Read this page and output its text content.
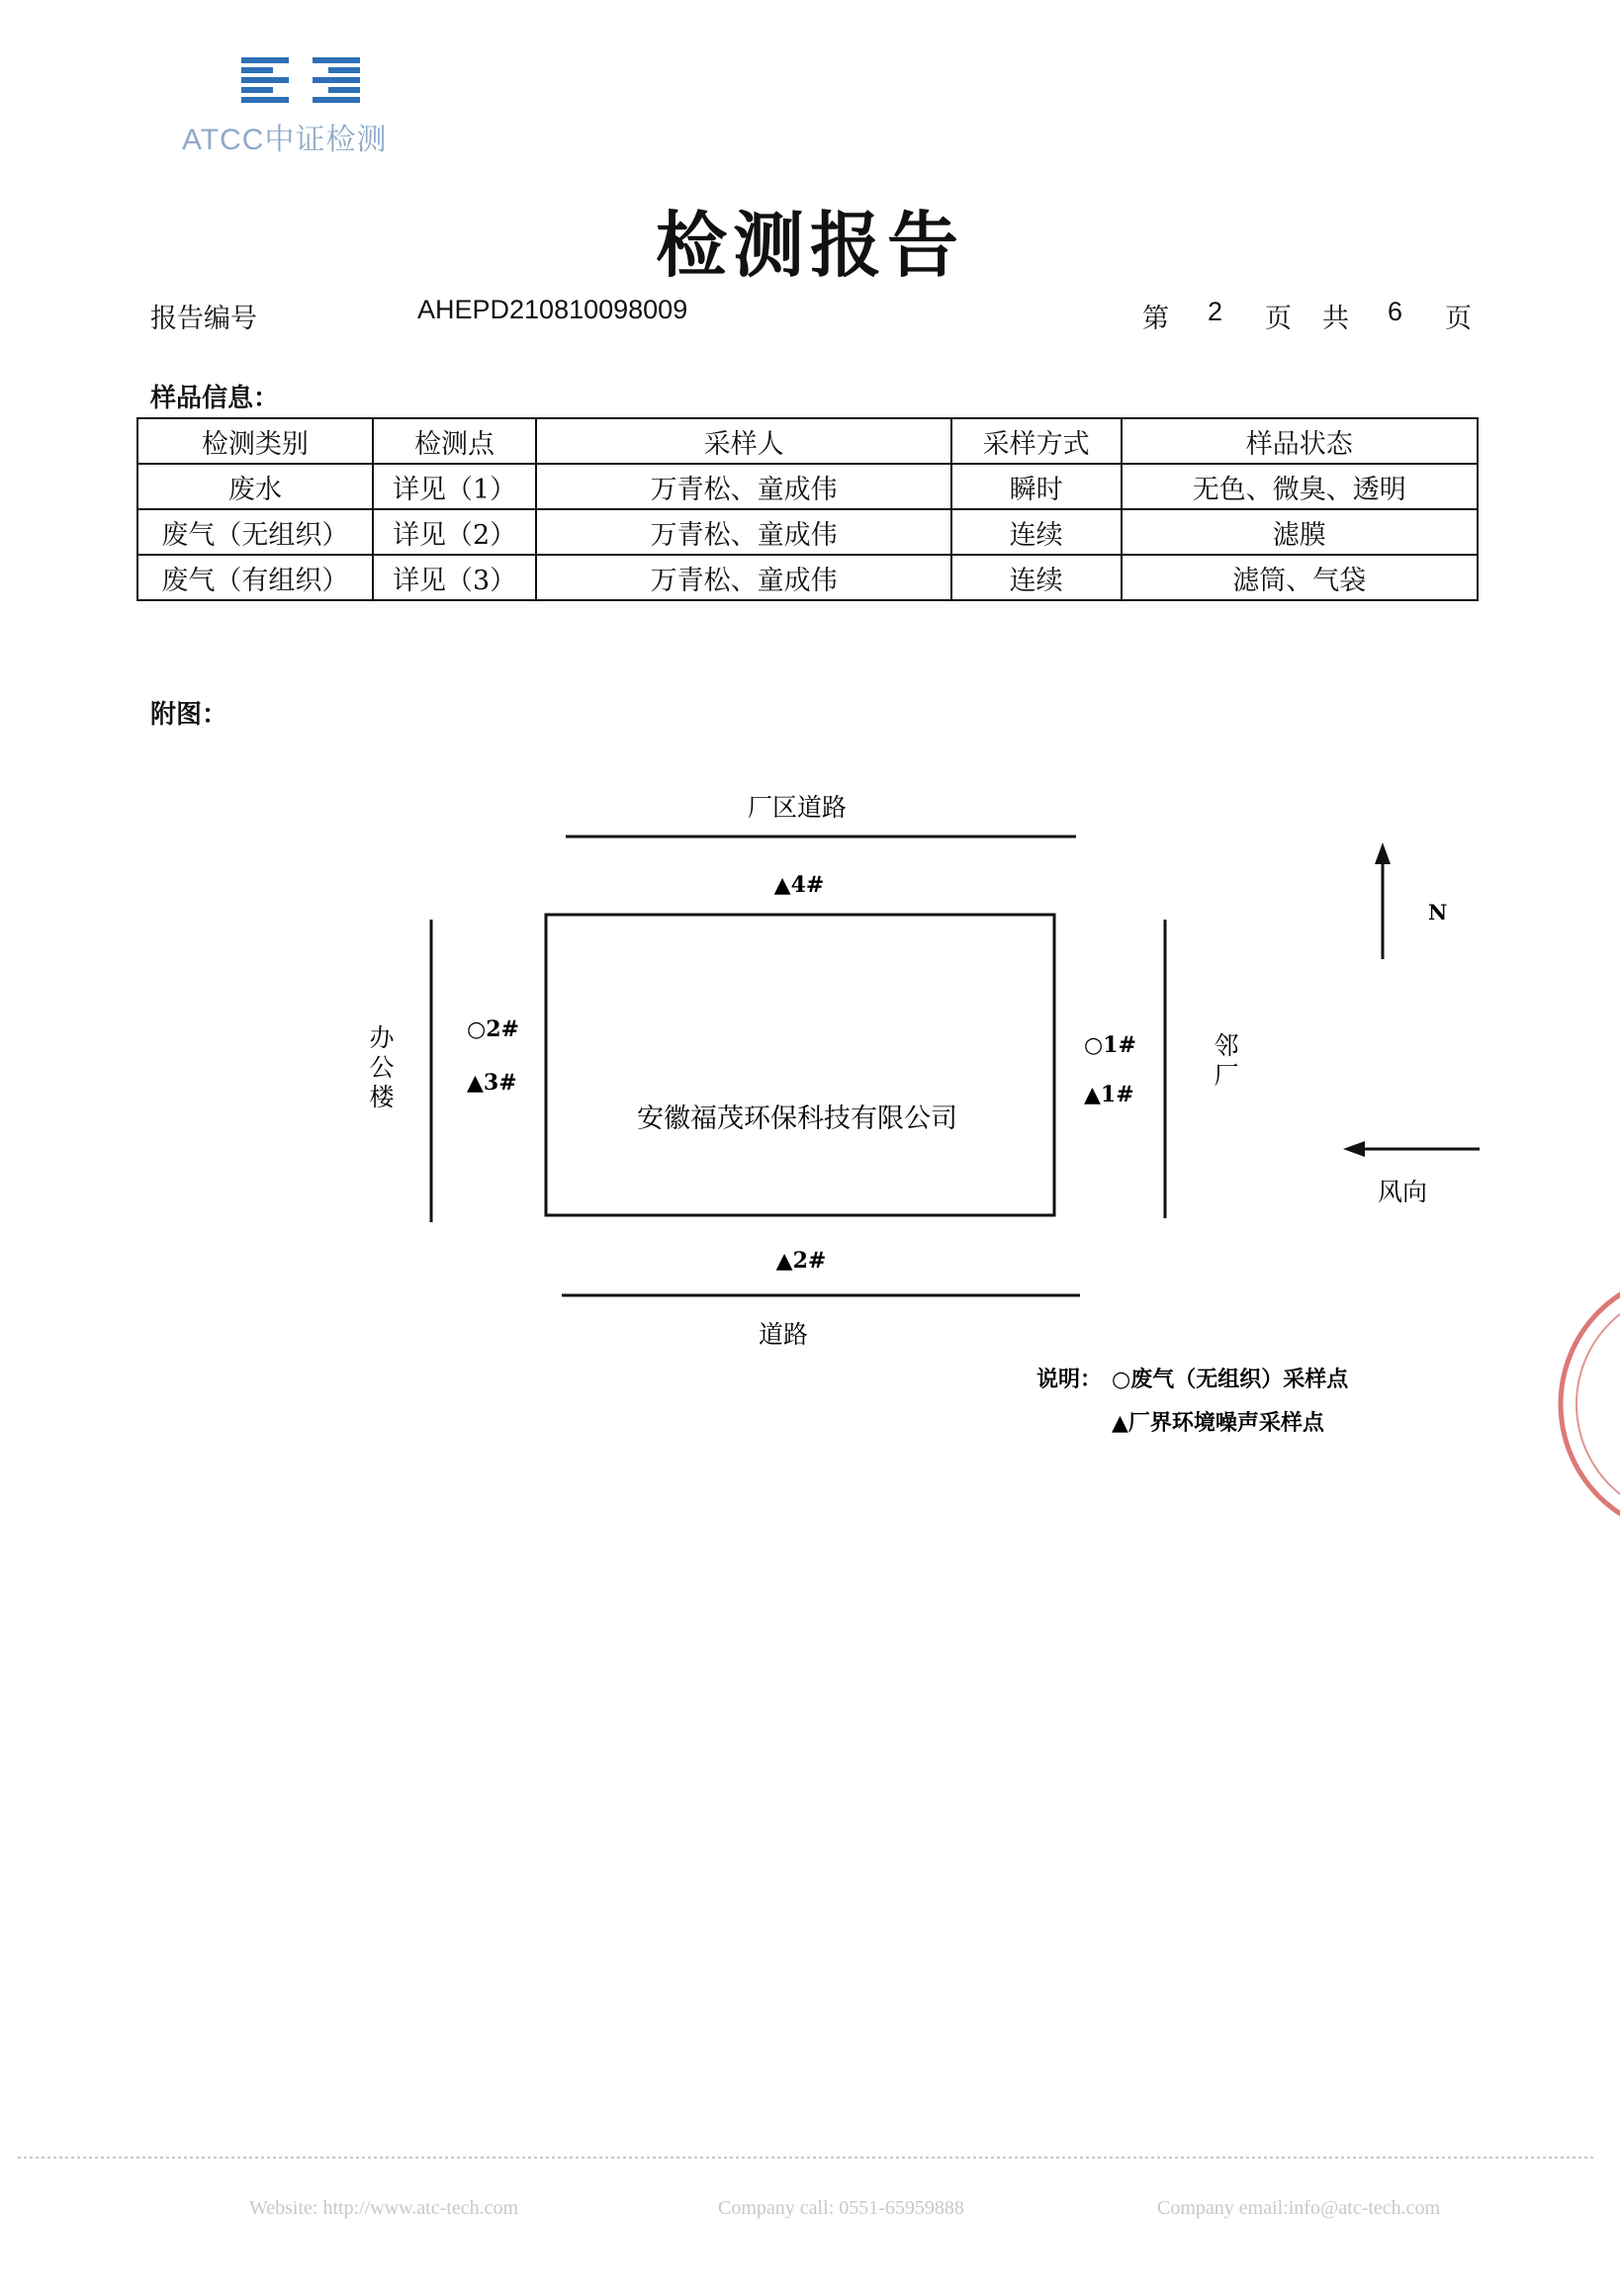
ATCC中证检测
检测报告
报告编号	AHEPD210810098009	第	2	页	共	6	页
样品信息：
检测类别	检测点	采样人	采样方式	样品状态
废水	详见（1）	万青松、童成伟	瞬时	无色、微臭、透明
废气（无组织）	详见（2）	万青松、童成伟	连续	滤膜
废气（有组织）	详见（3）	万青松、童成伟	连续	滤筒、气袋
附图：
厂区道路
道路
安徽福茂环保科技有限公司
办
公
楼
邻
厂
▲4#
▲2#
○2#
▲3#
○1#
▲1#
N
风向
说明： ○废气（无组织）采样点
▲厂界环境噪声采样点
Website: http://www.atc-tech.com	Company call: 0551-65959888	Company email:info@atc-tech.com
